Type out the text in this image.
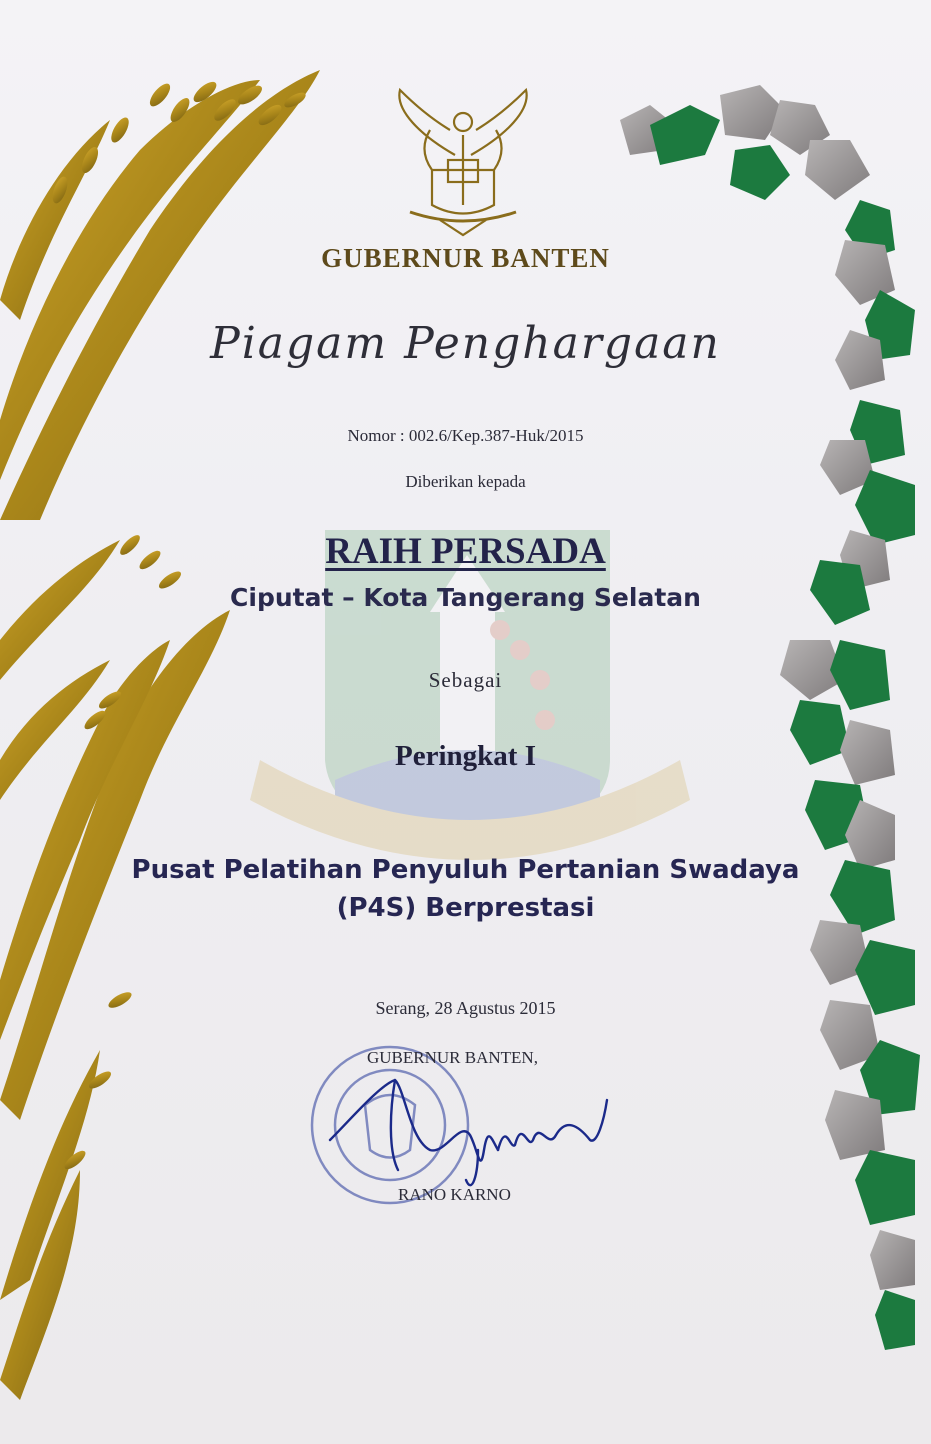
GUBERNUR BANTEN
Piagam Penghargaan
Nomor : 002.6/Kep.387-Huk/2015
Diberikan kepada
RAIH PERSADA
Ciputat – Kota Tangerang Selatan
Sebagai
Peringkat I
Pusat Pelatihan Penyuluh Pertanian Swadaya
(P4S) Berprestasi
Serang, 28 Agustus 2015
GUBERNUR BANTEN,
RANO KARNO
